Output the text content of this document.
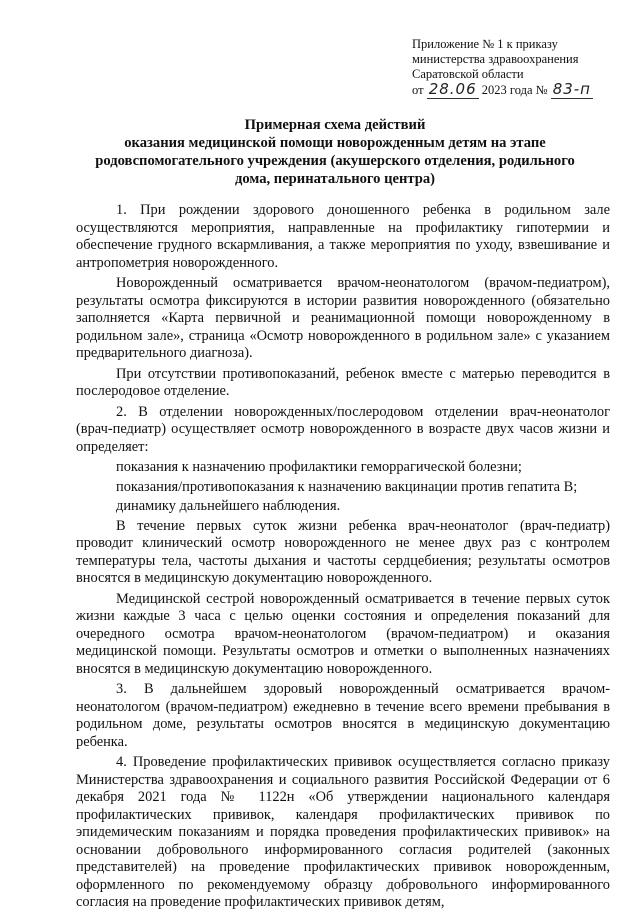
Приложение № 1 к приказу
министерства здравоохранения
Саратовской области
от 28.06 2023 года № 83-п
Примерная схема действий
оказания медицинской помощи новорожденным детям на этапе
родовспомогательного учреждения (акушерского отделения, родильного
дома, перинатального центра)

1. При рождении здорового доношенного ребенка в родильном зале осуществляются мероприятия, направленные на профилактику гипотермии и обеспечение грудного вскармливания, а также мероприятия по уходу, взвешивание и антропометрия новорожденного.

Новорожденный осматривается врачом-неонатологом (врачом-педиатром), результаты осмотра фиксируются в истории развития новорожденного (обязательно заполняется «Карта первичной и реанимационной помощи новорожденному в родильном зале», страница «Осмотр новорожденного в родильном зале» с указанием предварительного диагноза).

При отсутствии противопоказаний, ребенок вместе с матерью переводится в послеродовое отделение.

2. В отделении новорожденных/послеродовом отделении врач-неонатолог (врач-педиатр) осуществляет осмотр новорожденного в возрасте двух часов жизни и определяет:

показания к назначению профилактики геморрагической болезни;

показания/противопоказания к назначению вакцинации против гепатита В;

динамику дальнейшего наблюдения.

В течение первых суток жизни ребенка врач-неонатолог (врач-педиатр) проводит клинический осмотр новорожденного не менее двух раз с контролем температуры тела, частоты дыхания и частоты сердцебиения; результаты осмотров вносятся в медицинскую документацию новорожденного.

Медицинской сестрой новорожденный осматривается в течение первых суток жизни каждые 3 часа с целью оценки состояния и определения показаний для очередного осмотра врачом-неонатологом (врачом-педиатром) и оказания медицинской помощи. Результаты осмотров и отметки о выполненных назначениях вносятся в медицинскую документацию новорожденного.

3. В дальнейшем здоровый новорожденный осматривается врачом-неонатологом (врачом-педиатром) ежедневно в течение всего времени пребывания в родильном доме, результаты осмотров вносятся в медицинскую документацию ребенка.

4. Проведение профилактических прививок осуществляется согласно приказу Министерства здравоохранения и социального развития Российской Федерации от 6 декабря 2021 года № 1122н «Об утверждении национального календаря профилактических прививок, календаря профилактических прививок по эпидемическим показаниям и порядка проведения профилактических прививок» на основании добровольного информированного согласия родителей (законных представителей) на проведение профилактических прививок новорожденным, оформленного по рекомендуемому образцу добровольного информированного согласия на проведение профилактических прививок детям,
